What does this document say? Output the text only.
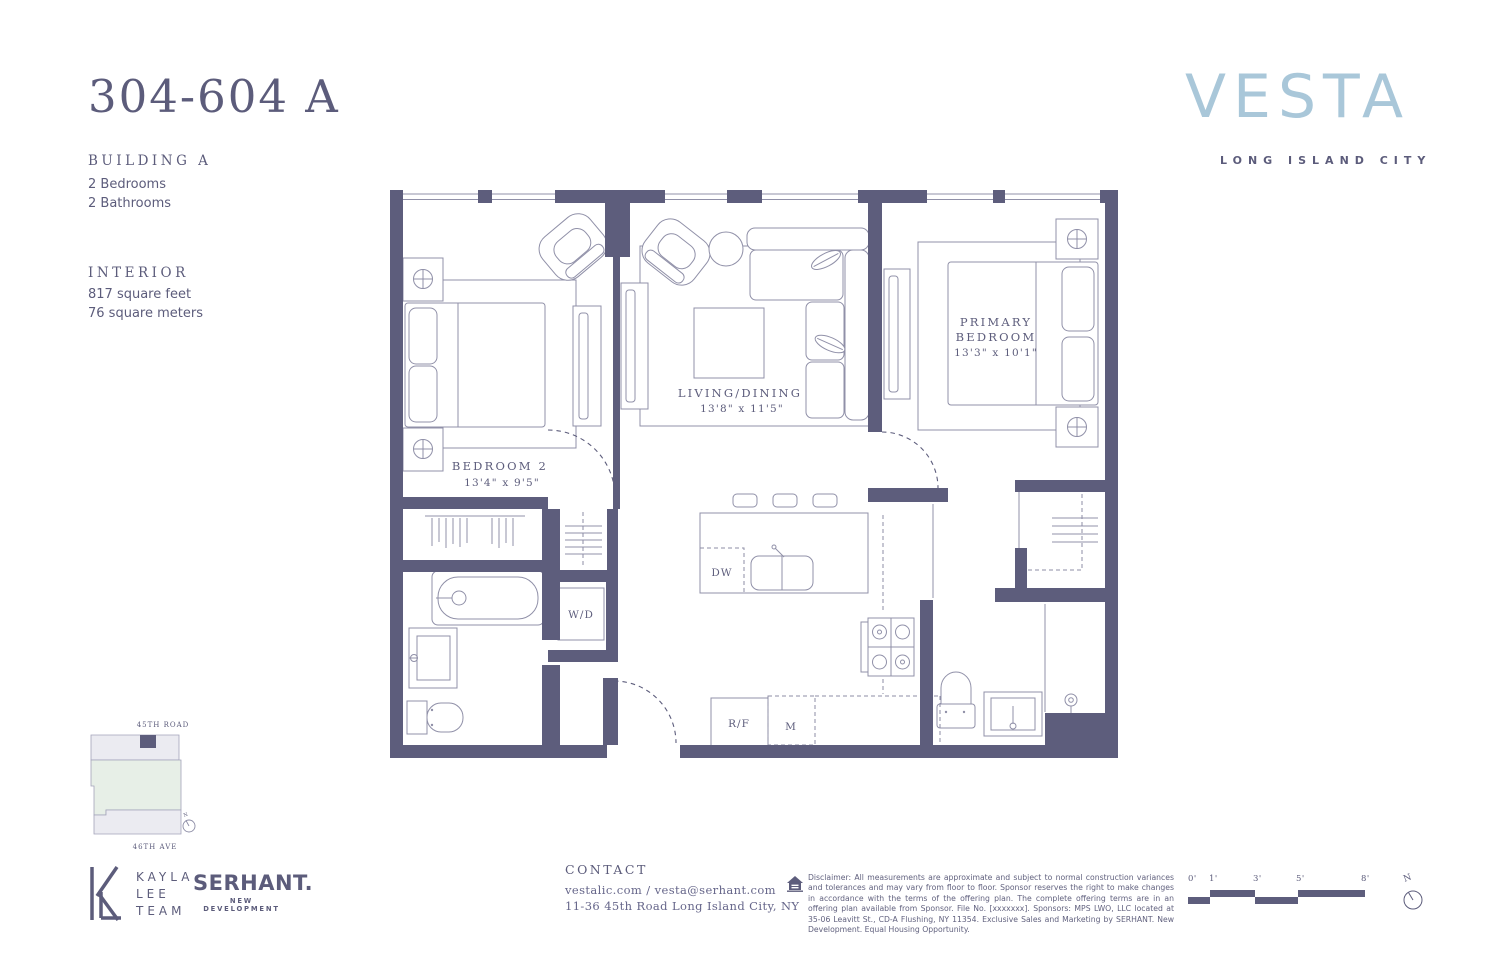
304-604 A
BUILDING A
2 Bedrooms
2 Bathrooms
INTERIOR
817 square feet
76 square meters
VESTA
LONG ISLAND CITY
BEDROOM 2
13'4" x 9'5"
LIVING/DINING
13'8" x 11'5"
PRIMARY
BEDROOM
13'3" x 10'1"
DW
W/D
R/F	M
45TH ROAD
46TH AVE
N
KAYLA
LEE
TEAM
SERHANT.
NEW DEVELOPMENT
CONTACT
vestalic.com / vesta@serhant.com
11-36 45th Road Long Island City, NY
Disclaimer: All measurements are approximate and subject to normal construction variances and tolerances and may vary from floor to floor. Sponsor reserves the right to make changes in accordance with the terms of the offering plan. The complete offering terms are in an offering plan available from Sponsor. File No. [xxxxxxx]. Sponsors: MPS LWO, LLC located at 35-06 Leavitt St., CD-A Flushing, NY 11354. Exclusive Sales and Marketing by SERHANT. New Development. Equal Housing Opportunity.
0' 1'	3'	5'	8'	N
